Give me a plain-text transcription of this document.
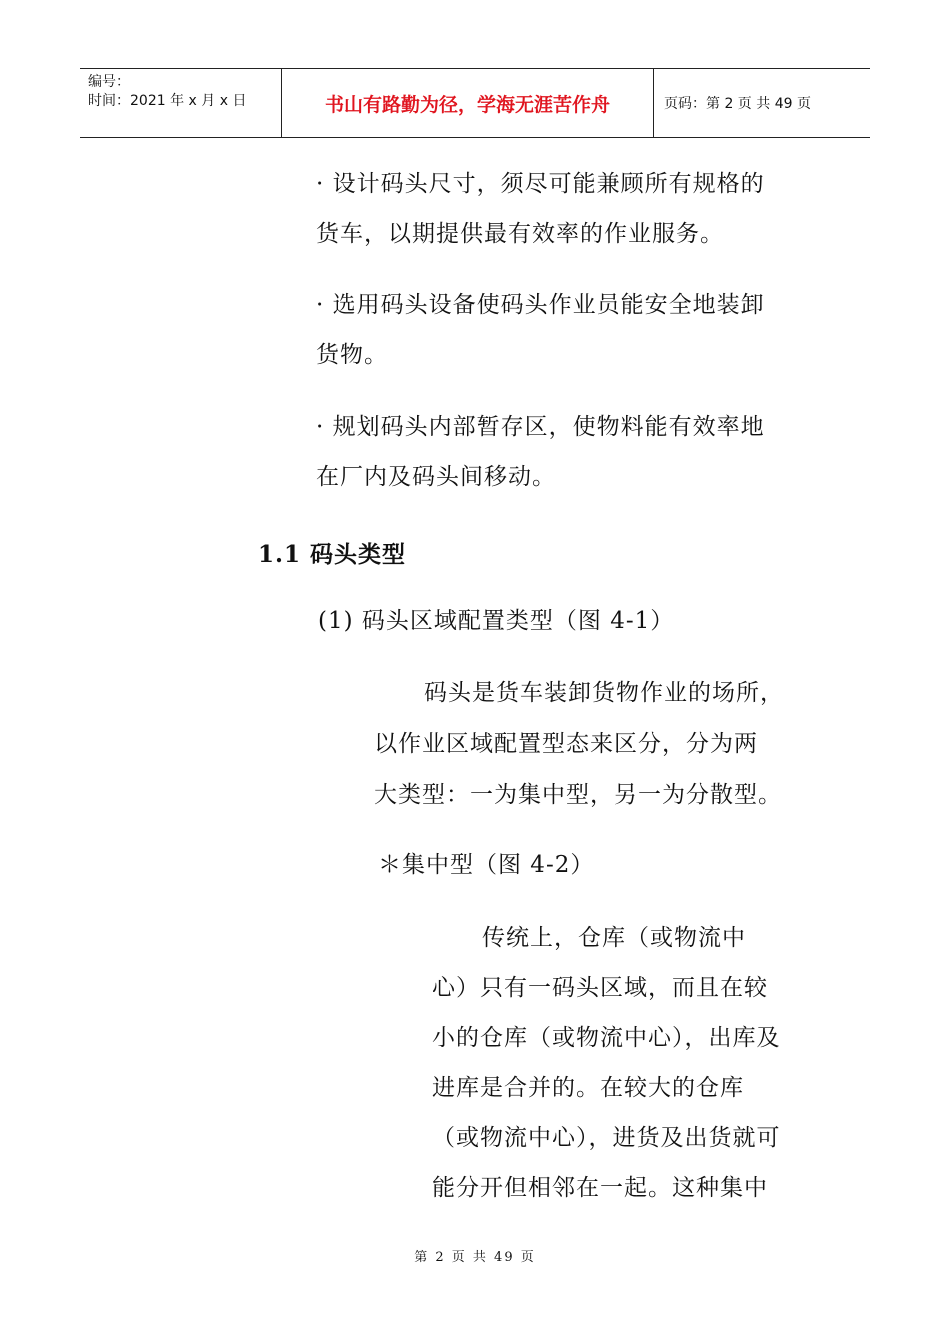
编号：
时间：2021 年 x 月 x 日	书山有路勤为径，学海无涯苦作舟	页码：第 2 页 共 49 页
· 设计码头尺寸，须尽可能兼顾所有规格的
货车，以期提供最有效率的作业服务。
· 选用码头设备使码头作业员能安全地装卸
货物。
· 规划码头内部暂存区，使物料能有效率地
在厂内及码头间移动。
1.1 码头类型
(1) 码头区域配置类型（图 4-1）
码头是货车装卸货物作业的场所，
以作业区域配置型态来区分，分为两
大类型：一为集中型，另一为分散型。
＊集中型（图 4-2）
传统上，仓库（或物流中
心）只有一码头区域，而且在较
小的仓库（或物流中心），出库及
进库是合并的。在较大的仓库
（或物流中心），进货及出货就可
能分开但相邻在一起。这种集中
第 2 页 共 49 页
